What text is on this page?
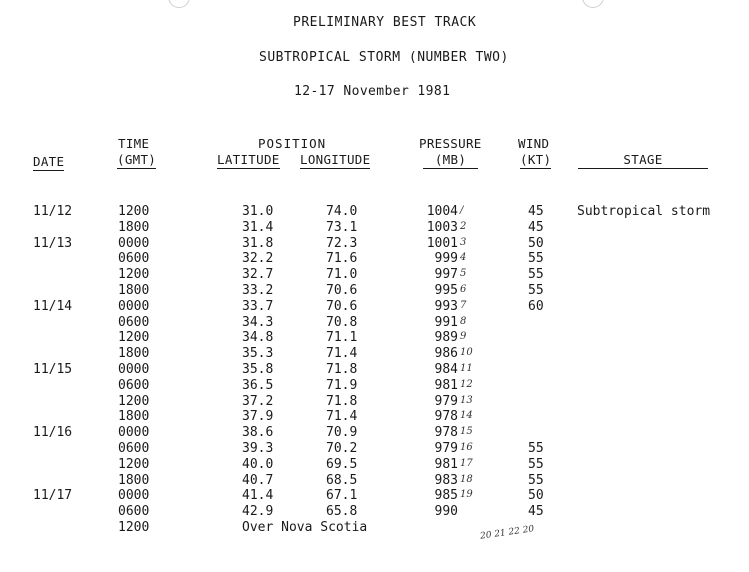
PRELIMINARY BEST TRACK
SUBTROPICAL STORM (NUMBER TWO)
12-17 November 1981
TIME	POSITION	PRESSURE	WIND
DATE	(GMT)	LATITUDE LONGITUDE	(MB)	(KT)	STAGE
11/12	1200	31.0	74.0	1004 /	45	Subtropical storm
1800	31.4	73.1	1003 2	45
11/13	0000	31.8	72.3	1001 3	50
0600	32.2	71.6	999 4	55
1200	32.7	71.0	997 5	55
1800	33.2	70.6	995 6	55
11/14	0000	33.7	70.6	993 7	60
0600	34.3	70.8	991 8
1200	34.8	71.1	989 9
1800	35.3	71.4	986 10
11/15	0000	35.8	71.8	984 11
0600	36.5	71.9	981 12
1200	37.2	71.8	979 13
1800	37.9	71.4	978 14
11/16	0000	38.6	70.9	978 15
0600	39.3	70.2	979 16	55
1200	40.0	69.5	981 17	55
1800	40.7	68.5	983 18	55
11/17	0000	41.4	67.1	985 19	50
0600	42.9	65.8	990	45
1200	Over Nova Scotia	20 21 22 20
